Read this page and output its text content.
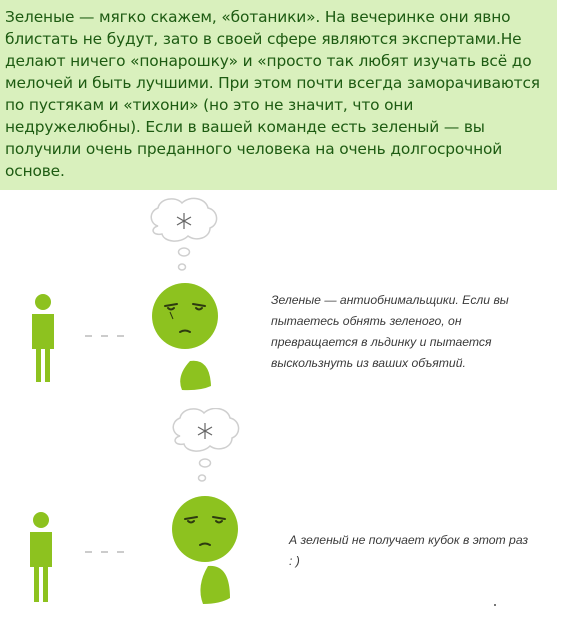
Зеленые — мягко скажем, «ботаники». На вечеринке они явно блистать не будут, зато в своей сфере являются экспертами.Не делают ничего «понарошку» и «просто так любят изучать всё до мелочей и быть лучшими. При этом почти всегда заморачиваются по пустякам и «тихони» (но это не значит, что они недружелюбны). Если в вашей команде есть зеленый — вы получили очень преданного человека на очень долгосрочной основе.

Зеленые — антиобнимальщики. Если вы пытаетесь обнять зеленого, он превращается в льдинку и пытается выскользнуть из ваших объятий.
А зеленый не получает кубок в этот раз : )
